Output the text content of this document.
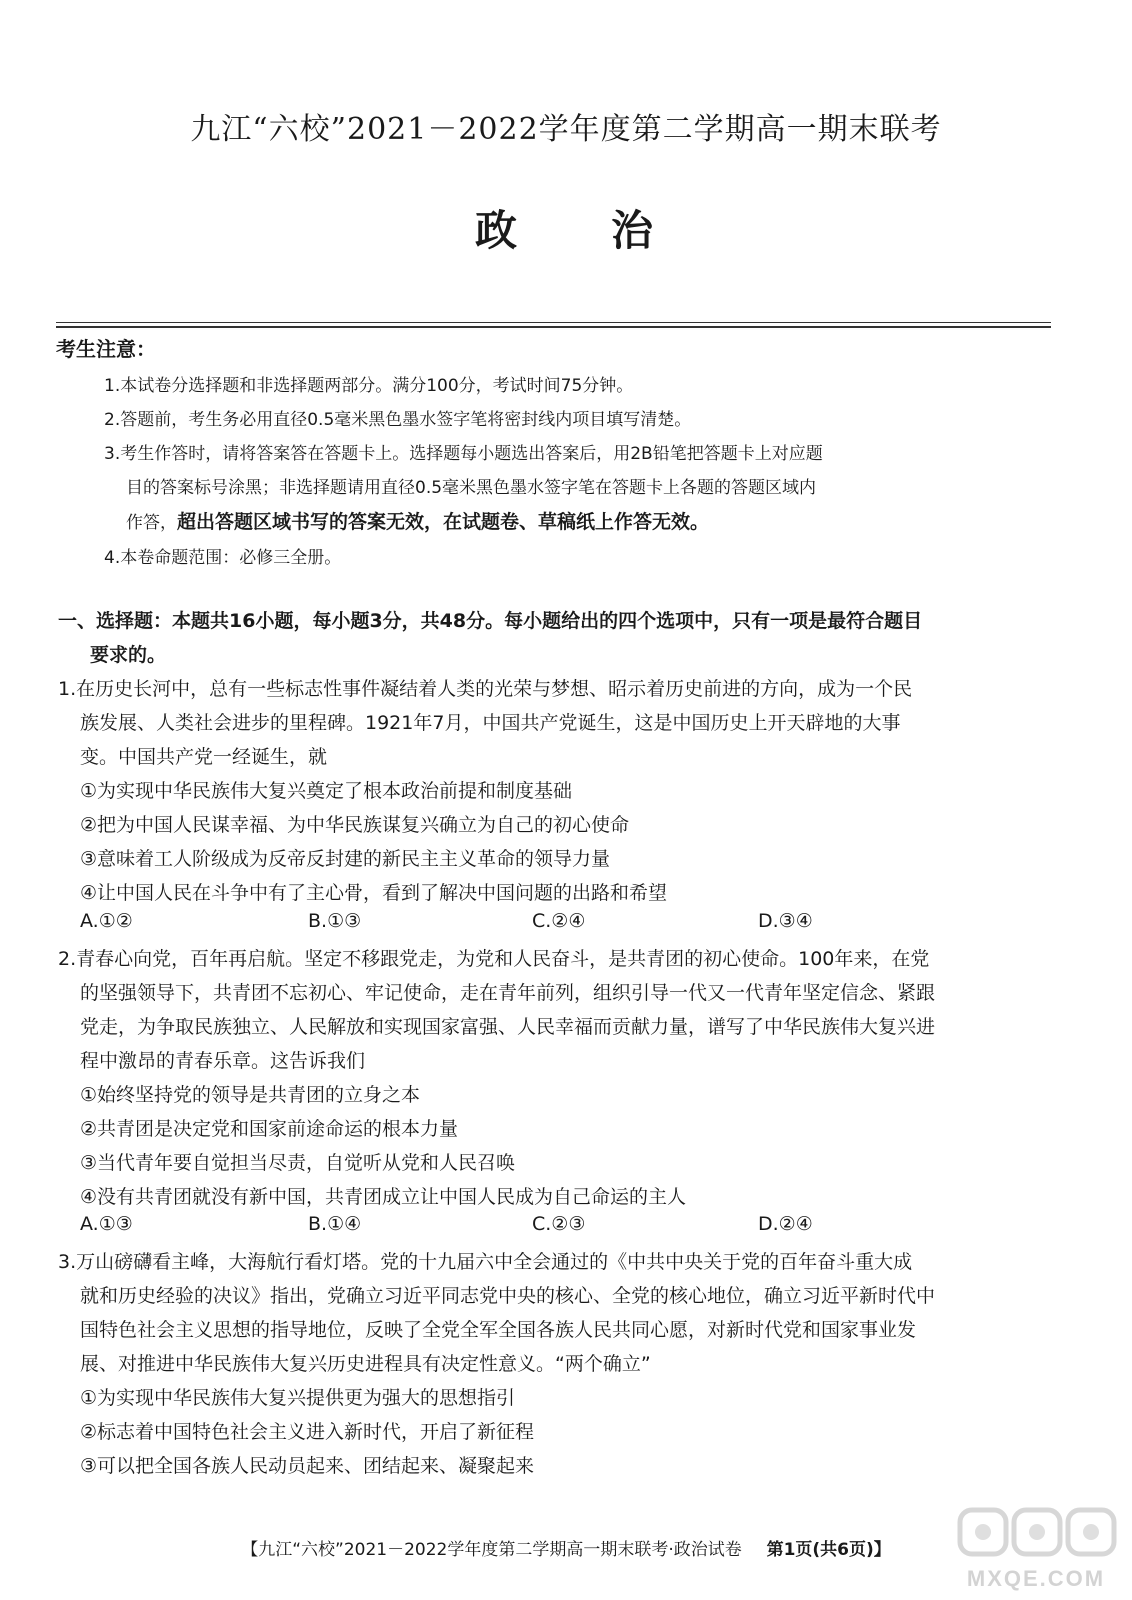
九江“六校”2021－2022学年度第二学期高一期末联考
政 治
考生注意：
1.本试卷分选择题和非选择题两部分。满分100分，考试时间75分钟。
2.答题前，考生务必用直径0.5毫米黑色墨水签字笔将密封线内项目填写清楚。
3.考生作答时，请将答案答在答题卡上。选择题每小题选出答案后，用2B铅笔把答题卡上对应题
目的答案标号涂黑；非选择题请用直径0.5毫米黑色墨水签字笔在答题卡上各题的答题区域内
作答，超出答题区域书写的答案无效，在试题卷、草稿纸上作答无效。
4.本卷命题范围：必修三全册。
一、选择题：本题共16小题，每小题3分，共48分。每小题给出的四个选项中，只有一项是最符合题目
要求的。
1.在历史长河中，总有一些标志性事件凝结着人类的光荣与梦想、昭示着历史前进的方向，成为一个民
族发展、人类社会进步的里程碑。1921年7月，中国共产党诞生，这是中国历史上开天辟地的大事
变。中国共产党一经诞生，就
①为实现中华民族伟大复兴奠定了根本政治前提和制度基础
②把为中国人民谋幸福、为中华民族谋复兴确立为自己的初心使命
③意味着工人阶级成为反帝反封建的新民主主义革命的领导力量
④让中国人民在斗争中有了主心骨，看到了解决中国问题的出路和希望
A.①②	B.①③	C.②④	D.③④
2.青春心向党，百年再启航。坚定不移跟党走，为党和人民奋斗，是共青团的初心使命。100年来，在党
的坚强领导下，共青团不忘初心、牢记使命，走在青年前列，组织引导一代又一代青年坚定信念、紧跟
党走，为争取民族独立、人民解放和实现国家富强、人民幸福而贡献力量，谱写了中华民族伟大复兴进
程中激昂的青春乐章。这告诉我们
①始终坚持党的领导是共青团的立身之本
②共青团是决定党和国家前途命运的根本力量
③当代青年要自觉担当尽责，自觉听从党和人民召唤
④没有共青团就没有新中国，共青团成立让中国人民成为自己命运的主人
A.①③	B.①④	C.②③	D.②④
3.万山磅礴看主峰，大海航行看灯塔。党的十九届六中全会通过的《中共中央关于党的百年奋斗重大成
就和历史经验的决议》指出，党确立习近平同志党中央的核心、全党的核心地位，确立习近平新时代中
国特色社会主义思想的指导地位，反映了全党全军全国各族人民共同心愿，对新时代党和国家事业发
展、对推进中华民族伟大复兴历史进程具有决定性意义。“两个确立”
①为实现中华民族伟大复兴提供更为强大的思想指引
②标志着中国特色社会主义进入新时代，开启了新征程
③可以把全国各族人民动员起来、团结起来、凝聚起来
【九江“六校”2021－2022学年度第二学期高一期末联考·政治试卷 第1页(共6页)】
MXQE.COM
